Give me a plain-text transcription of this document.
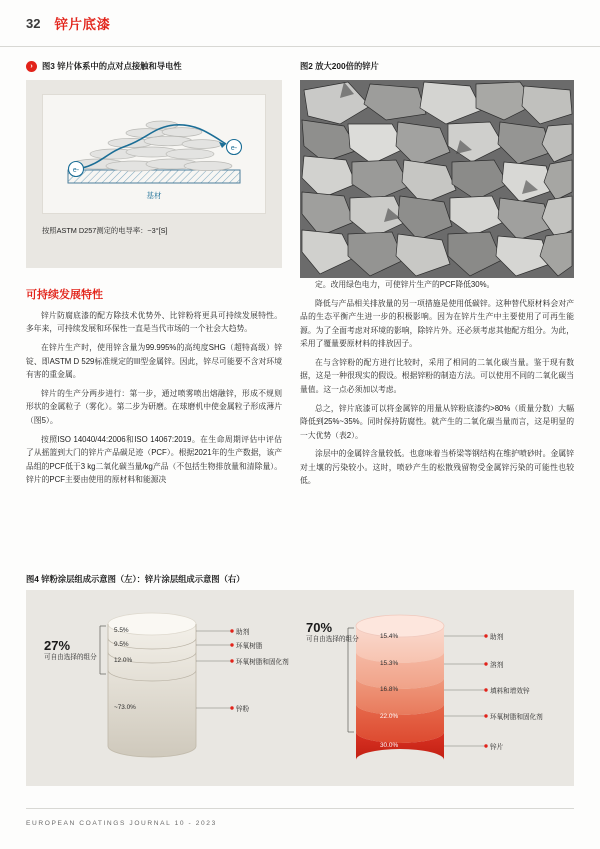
32 锌片底漆
›	图3 锌片体系中的点对点接触和导电性
e-
e-
基材
按照ASTM D257测定的电导率：~3°[S]
可持续发展特性

锌片防腐底漆的配方除技术优势外、比锌粉将更具可持续发展特性。多年来，可持续发展和环保性一直是当代市场的一个社会大趋势。

在锌片生产时，使用锌含量为99.995%的高纯度SHG（超特高级）锌锭、即ASTM D 529标准规定的III型金属锌。因此，锌尽可能要不含对环境有害的重金属。

锌片的生产分两步进行：第一步，通过喷雾喷出熔融锌，形成不规则形状的金属粒子（雾化）。第二步为研磨。在球磨机中使金属粒子形成薄片（图5）。

按照ISO 14040/44:2006和ISO 14067:2019。在生命周期评估中评估了从摇篮到大门的锌片产品碳足迹（PCF）。根据2021年的生产数据，该产品组的PCF低于3 kg二氧化碳当量/kg产品（不包括生物排放量和清除量）。锌片的PCF主要由使用的原材料和能源决

图2 放大200倍的锌片

定。改用绿色电力，可使锌片生产的PCF降低30%。

降低与产品相关排放量的另一项措施是使用低碳锌。这种替代原材料会对产品的生态平衡产生进一步的积极影响。因为在锌片生产中主要使用了可再生能源。为了全面考虑对环境的影响，除锌片外。还必须考虑其他配方组分。为此，采用了覆量要原材料的排放因子。

在与含锌粉的配方进行比较时，采用了相同的二氧化碳当量。鉴于现有数据，这是一种很现实的假设。根据锌粉的制造方法。可以使用不同的二氧化碳当量值。这一点必须加以考虑。

总之，锌片底漆可以将金属锌的用量从锌粉底漆约>80%（质量分数）大幅降低到25%~35%。同时保持防腐性。就产生的二氧化碳当量而言，这是明显的一大优势（表2）。

涂层中的金属锌含量较低。也意味着当桥梁等钢结构在维护喷砂时。金属锌对土壤的污染较小。这时，喷砂产生的松散残留物受金属锌污染的可能性也较低。

图4 锌粉涂层组成示意图（左）：锌片涂层组成示意图（右）
27%
可自由选择的组分
5.5%
9.5%
12.0%
~73.0%
助剂
环氧树脂
环氧树脂和固化剂
锌粉
70%
可自由选择的组分	15.4%
15.3%
16.8%
22.0%
30.0%
助剂
溶剂
填料和增效锌
环氧树脂和固化剂
锌片
EUROPEAN COATINGS JOURNAL 10 - 2023
